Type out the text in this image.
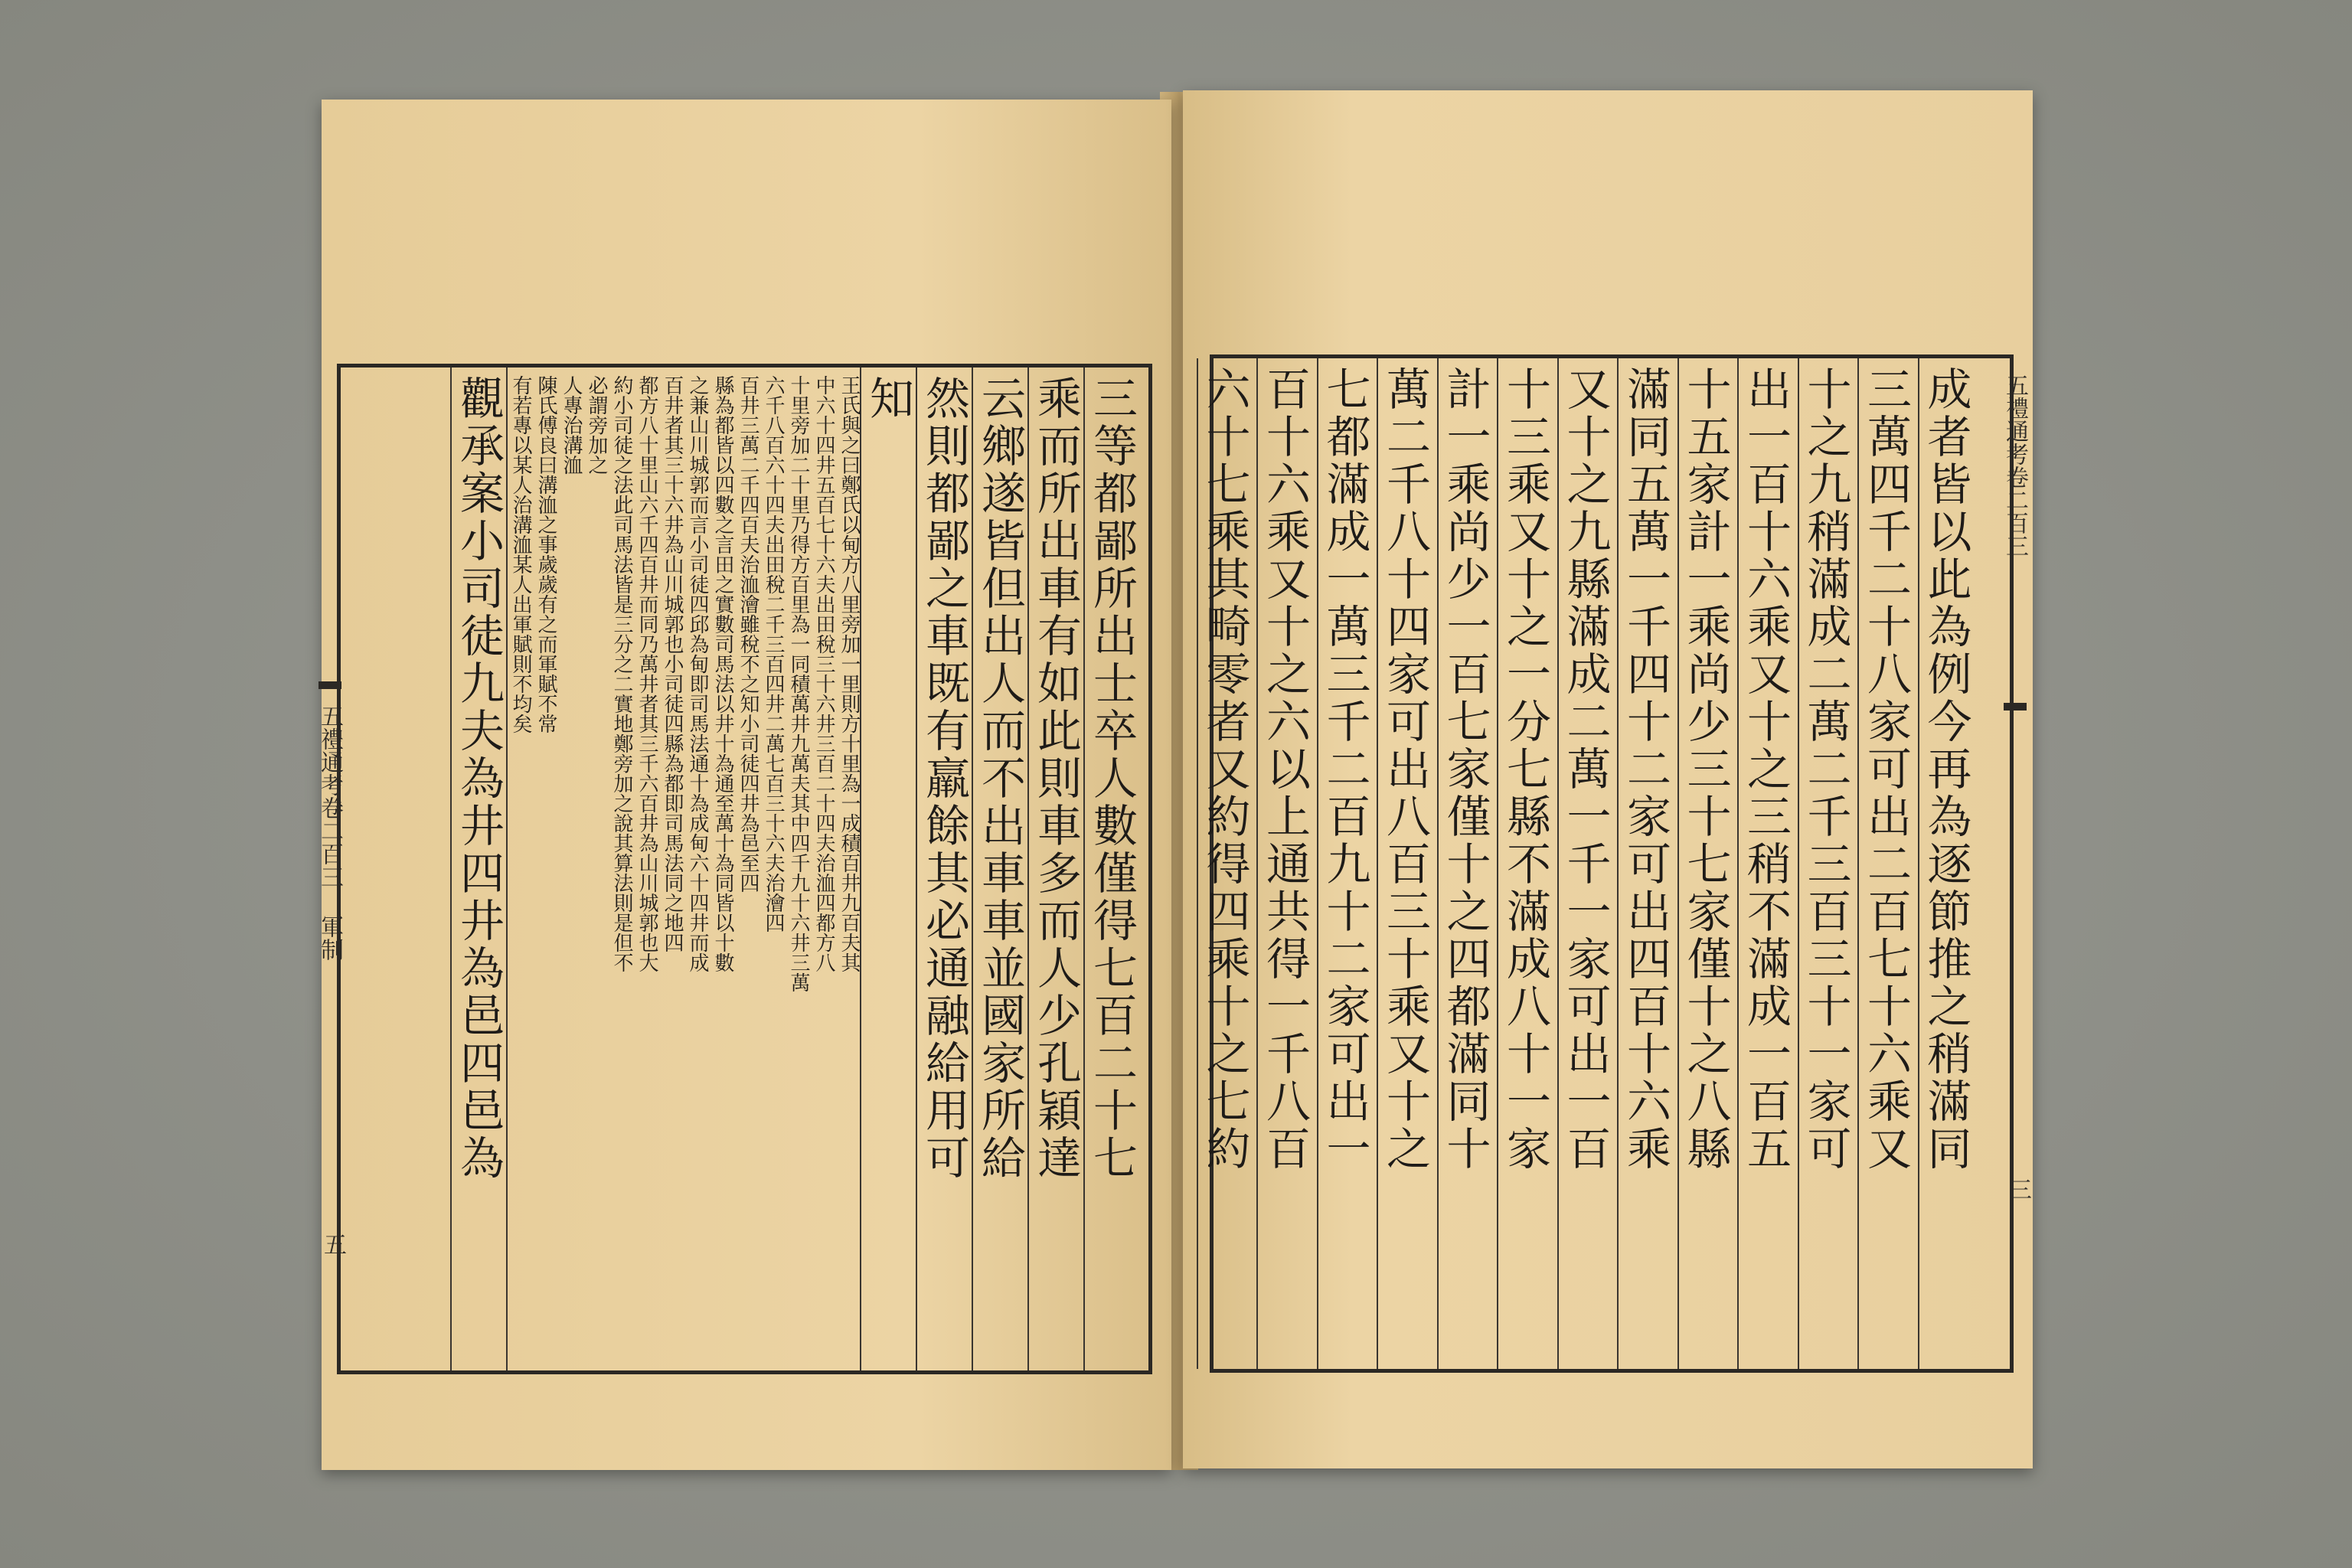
五禮通考卷二百三 軍制
五
三等都鄙所出士卒人數僅得七百二十七
乘而所出車有如此則車多而人少孔穎達
云鄉遂皆但出人而不出車車並國家所給
然則都鄙之車既有羸餘其必通融給用可
知
王氏與之曰鄭氏以甸方八里旁加一里則方十里為一成積百井九百夫其
中六十四井五百七十六夫出田稅三十六井三百二十四夫治洫四都方八
十里旁加二十里乃得方百里為一同積萬井九萬夫其中四千九十六井三萬
六千八百六十四夫出田稅二千三百四井二萬七百三十六夫治澮四
百井三萬二千四百夫治洫澮雖稅不之知小司徒四井為邑至四
縣為都皆以四數之言田之實數司馬法以井十為通至萬十為同皆以十數
之兼山川城郭而言小司徒四邱為甸即司馬法通十為成甸六十四井而成
百井者其三十六井為山川城郭也小司徒四縣為都即司馬法同之地四
都方八十里山六千四百井而同乃萬井者其三千六百井為山川城郭也大
約小司徒之法此司馬法皆是三分之二實地鄭旁加之說其算法則是但不
必謂旁加之
人專治溝洫
陳氏傅良曰溝洫之事歲歲有之而軍賦不常
有若專以某人治溝洫某人出軍賦則不均矣
觀承案小司徒九夫為井四井為邑四邑為	五禮通考卷二百三
三
成者皆以此為例今再為逐節推之稍滿同
三萬四千二十八家可出二百七十六乘又
十之九稍滿成二萬二千三百三十一家可
出一百十六乘又十之三稍不滿成一百五
十五家計一乘尚少三十七家僅十之八縣
滿同五萬一千四十二家可出四百十六乘
又十之九縣滿成二萬一千一家可出一百
十三乘又十之一分七縣不滿成八十一家
計一乘尚少一百七家僅十之四都滿同十
萬二千八十四家可出八百三十乘又十之
七都滿成一萬三千二百九十二家可出一
百十六乘又十之六以上通共得一千八百
六十七乘其畸零者又約得四乘十之七約
